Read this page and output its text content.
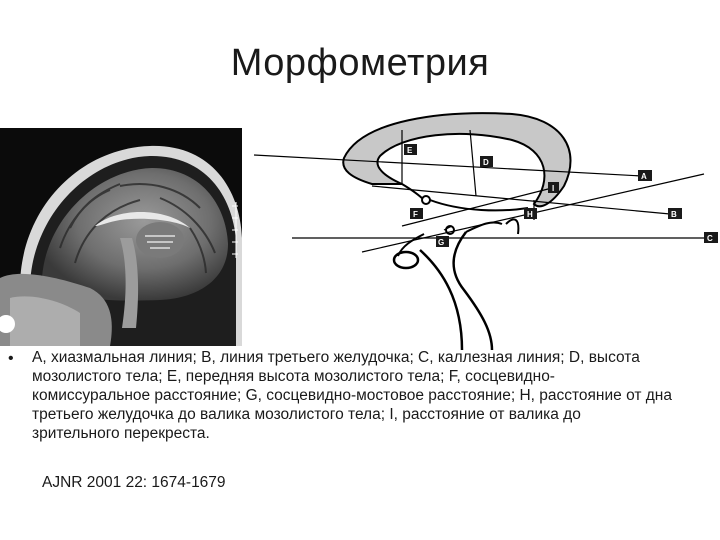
Морфометрия
E
D
I
H
F
G
A
B
C
• A, хиазмальная линия; B, линия третьего желудочка; C, каллезная линия; D, высота мозолистого тела; E, передняя высота мозолистого тела; F, сосцевидно-комиссуральное расстояние; G, сосцевидно-мостовое расстояние; H, расстояние от дна третьего желудочка до валика мозолистого тела; I, расстояние от валика до зрительного перекреста.
AJNR 2001 22: 1674-1679
